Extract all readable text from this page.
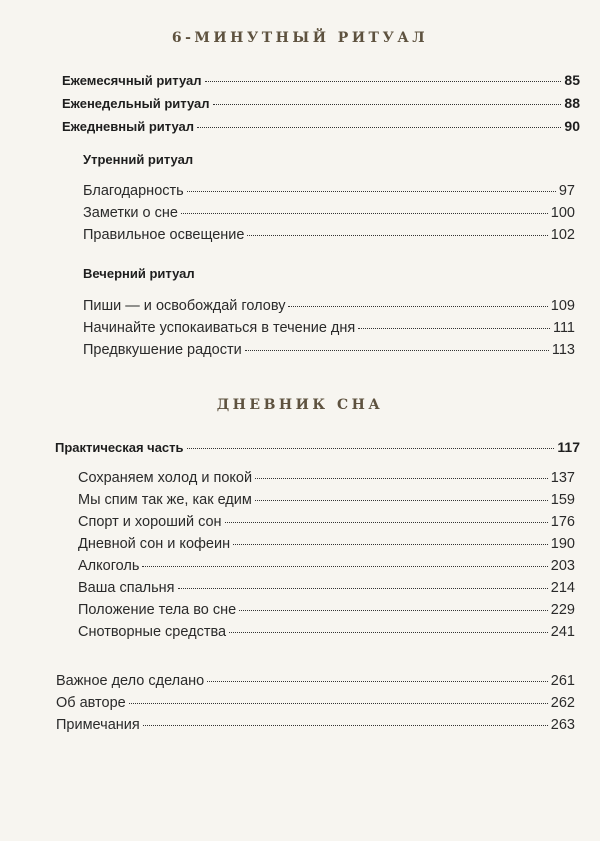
6-МИНУТНЫЙ РИТУАЛ
Ежемесячный ритуал	85
Еженедельный ритуал	88
Ежедневный ритуал	90
Утренний ритуал
Благодарность	97
Заметки о сне	100
Правильное освещение	102
Вечерний ритуал
Пиши — и освобождай голову	109
Начинайте успокаиваться в течение дня	111
Предвкушение радости	113
ДНЕВНИК СНА
Практическая часть	117
Сохраняем холод и покой	137
Мы спим так же, как едим	159
Спорт и хороший сон	176
Дневной сон и кофеин	190
Алкоголь	203
Ваша спальня	214
Положение тела во сне	229
Снотворные средства	241
Важное дело сделано	261
Об авторе	262
Примечания	263
